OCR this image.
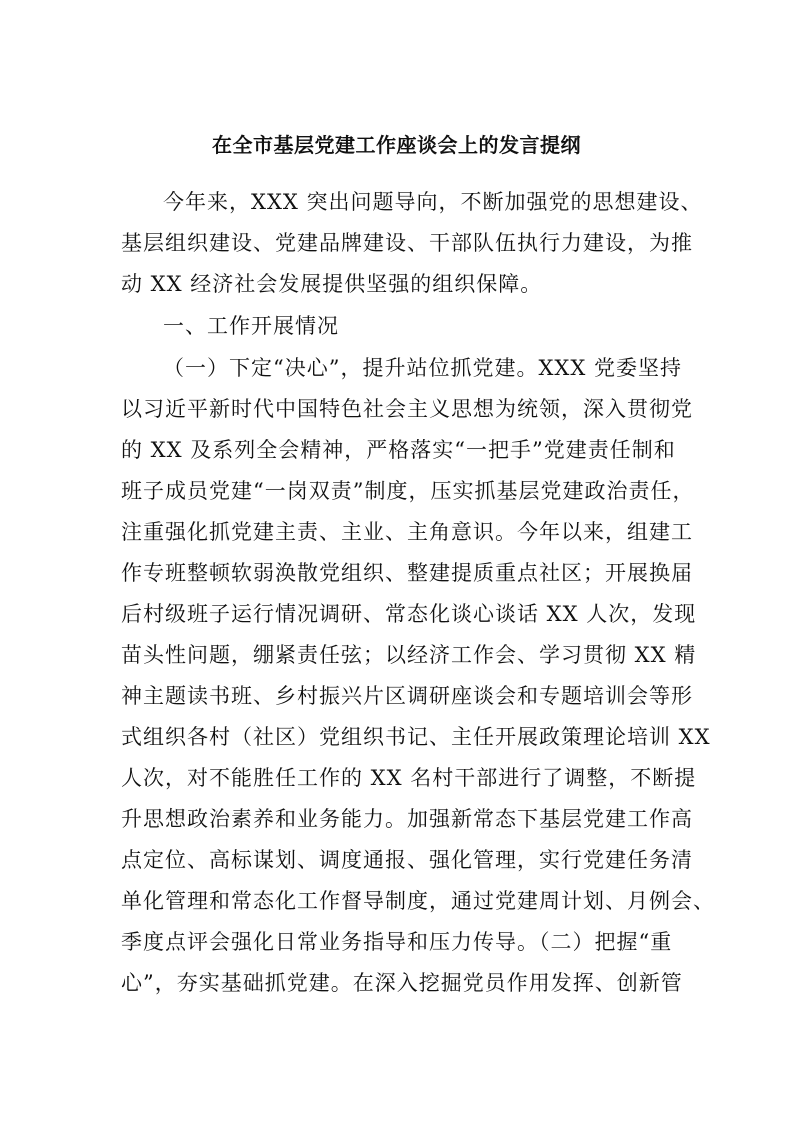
在全市基层党建工作座谈会上的发言提纲
今年来，XXX 突出问题导向，不断加强党的思想建设、
基层组织建设、党建品牌建设、干部队伍执行力建设，为推
动 XX 经济社会发展提供坚强的组织保障。
一、工作开展情况
（一）下定“决心”，提升站位抓党建。XXX 党委坚持
以习近平新时代中国特色社会主义思想为统领，深入贯彻党
的 XX 及系列全会精神，严格落实“一把手”党建责任制和
班子成员党建“一岗双责”制度，压实抓基层党建政治责任，
注重强化抓党建主责、主业、主角意识。今年以来，组建工
作专班整顿软弱涣散党组织、整建提质重点社区；开展换届
后村级班子运行情况调研、常态化谈心谈话 XX 人次，发现
苗头性问题，绷紧责任弦；以经济工作会、学习贯彻 XX 精
神主题读书班、乡村振兴片区调研座谈会和专题培训会等形
式组织各村（社区）党组织书记、主任开展政策理论培训 XX
人次，对不能胜任工作的 XX 名村干部进行了调整，不断提
升思想政治素养和业务能力。加强新常态下基层党建工作高
点定位、高标谋划、调度通报、强化管理，实行党建任务清
单化管理和常态化工作督导制度，通过党建周计划、月例会、
季度点评会强化日常业务指导和压力传导。（二）把握“重
心”，夯实基础抓党建。在深入挖掘党员作用发挥、创新管
